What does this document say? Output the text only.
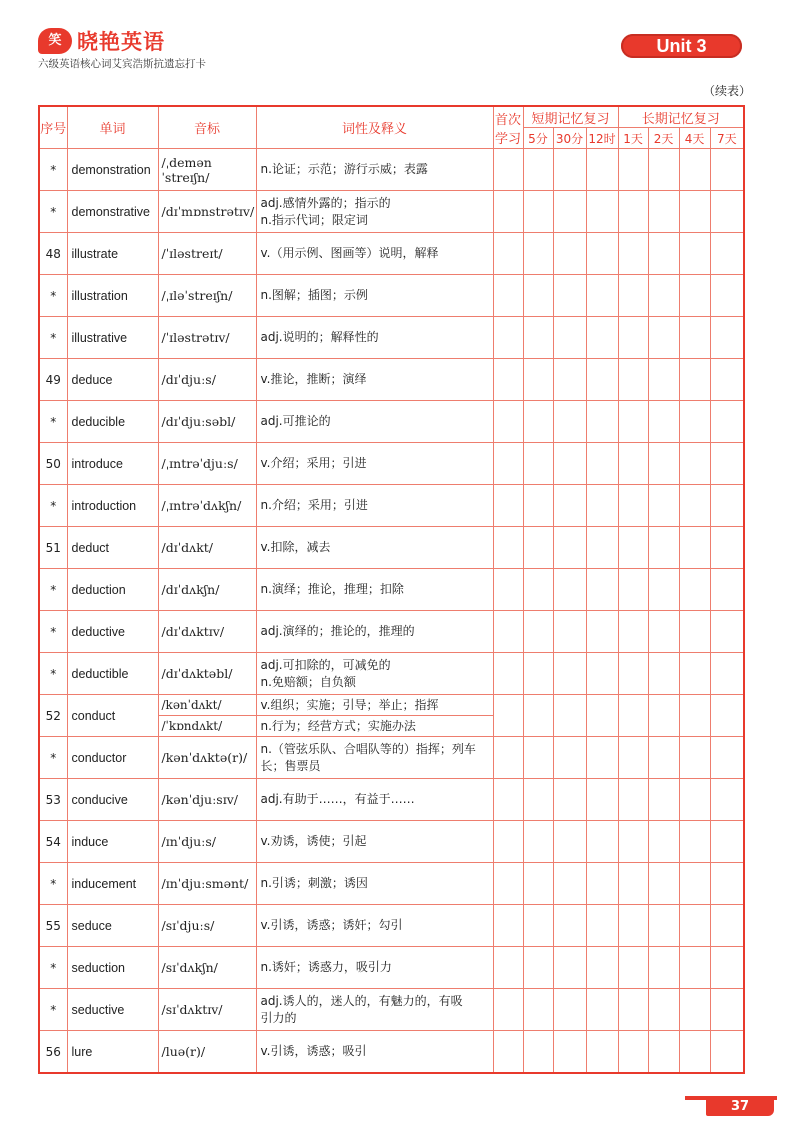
笑 晓艳英语
六级英语核心词艾宾浩斯抗遗忘打卡
Unit 3
（续表）
序号	单词	音标	词性及释义	首次学习	短期记忆复习			长期记忆复习			
					5分	30分	12时	1天	2天	4天	7天
*	demonstration	/ˌdemənˈstreɪʃn/	n.论证；示范；游行示威；表露								
*	demonstrative	/dɪˈmɒnstrətɪv/	adj.感情外露的；指示的
n.指示代词；限定词								
48	illustrate	/ˈɪləstreɪt/	v.（用示例、图画等）说明，解释								
*	illustration	/ˌɪləˈstreɪʃn/	n.图解；插图；示例								
*	illustrative	/ˈɪləstrətɪv/	adj.说明的；解释性的								
49	deduce	/dɪˈdjuːs/	v.推论，推断；演绎								
*	deducible	/dɪˈdjuːsəbl/	adj.可推论的								
50	introduce	/ˌɪntrəˈdjuːs/	v.介绍；采用；引进								
*	introduction	/ˌɪntrəˈdʌkʃn/	n.介绍；采用；引进								
51	deduct	/dɪˈdʌkt/	v.扣除，减去								
*	deduction	/dɪˈdʌkʃn/	n.演绎；推论，推理；扣除								
*	deductive	/dɪˈdʌktɪv/	adj.演绎的；推论的，推理的								
*	deductible	/dɪˈdʌktəbl/	adj.可扣除的，可减免的
n.免赔额；自负额								
52	conduct	/kənˈdʌkt/	v.组织；实施；引导；举止；指挥								
		/ˈkɒndʌkt/	n.行为；经营方式；实施办法								
*	conductor	/kənˈdʌktə(r)/	n.（管弦乐队、合唱队等的）指挥；列车
长；售票员								
53	conducive	/kənˈdjuːsɪv/	adj.有助于……，有益于……								
54	induce	/ɪnˈdjuːs/	v.劝诱，诱使；引起								
*	inducement	/ɪnˈdjuːsmənt/	n.引诱；刺激；诱因								
55	seduce	/sɪˈdjuːs/	v.引诱，诱惑；诱奸；勾引								
*	seduction	/sɪˈdʌkʃn/	n.诱奸；诱惑力，吸引力								
*	seductive	/sɪˈdʌktɪv/	adj.诱人的，迷人的，有魅力的，有吸
引力的								
56	lure	/luə(r)/	v.引诱，诱惑；吸引								
37
